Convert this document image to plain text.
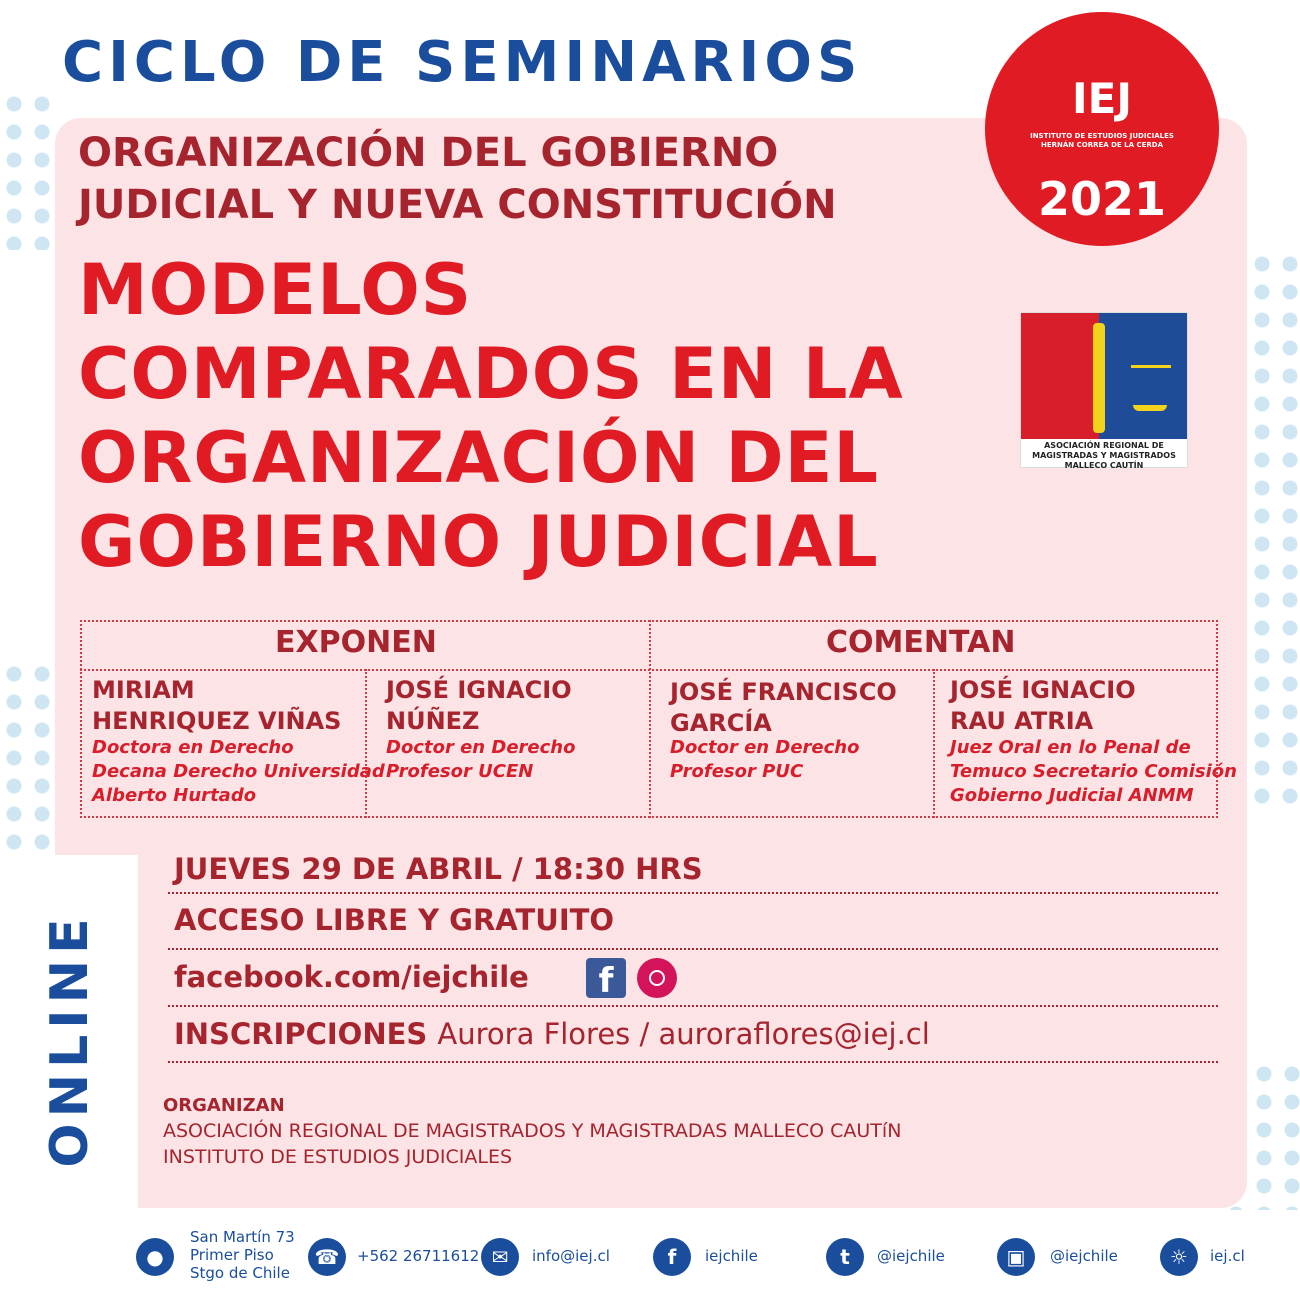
CICLO DE SEMINARIOS
IEJ
INSTITUTO DE ESTUDIOS JUDICIALES HERNÁN CORREA DE LA CERDA
2021
ORGANIZACIÓN DEL GOBIERNO
JUDICIAL Y NUEVA CONSTITUCIÓN
MODELOS
COMPARADOS EN LA
ORGANIZACIÓN DEL
GOBIERNO JUDICIAL
ASOCIACIÓN REGIONAL DE MAGISTRADAS Y MAGISTRADOS MALLECO CAUTÍN
EXPONEN	COMENTAN
MIRIAM
HENRIQUEZ VIÑAS
Doctora en Derecho
Decana Derecho Universidad
Alberto Hurtado
JOSÉ IGNACIO
NÚÑEZ
Doctor en Derecho
Profesor UCEN
JOSÉ FRANCISCO
GARCÍA
Doctor en Derecho
Profesor PUC
JOSÉ IGNACIO
RAU ATRIA
Juez Oral en lo Penal de
Temuco Secretario Comisión
Gobierno Judicial ANMM
ONLINE
JUEVES 29 DE ABRIL / 18:30 HRS
ACCESO LIBRE Y GRATUITO
facebook.com/iejchile	f
INSCRIPCIONES Aurora Flores / auroraflores@iej.cl
ORGANIZAN
ASOCIACIÓN REGIONAL DE MAGISTRADOS Y MAGISTRADAS MALLECO CAUTíN
INSTITUTO DE ESTUDIOS JUDICIALES
●
San Martín 73
Primer Piso
Stgo de Chile
☎	+562 26711612 ✉	info@iej.cl	f	iejchile	t	@iejchile	▣	@iejchile	☼	iej.cl
